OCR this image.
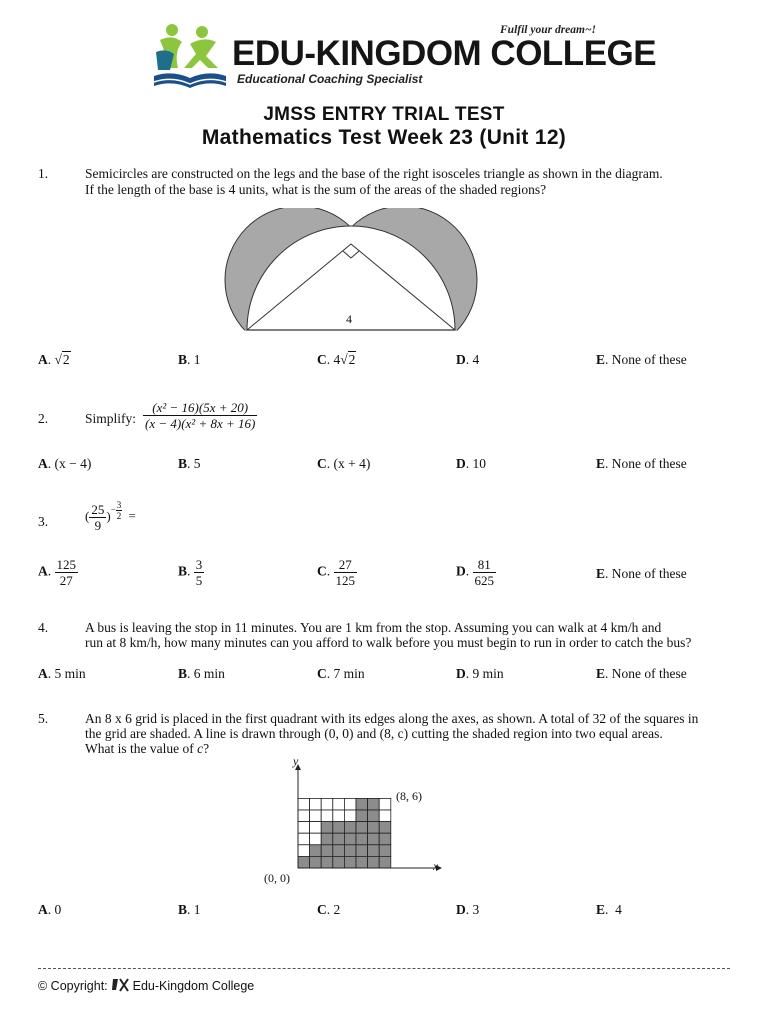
Fulfil your dream~!
EDU-KINGDOM COLLEGE
Educational Coaching Specialist
JMSS ENTRY TRIAL TEST
Mathematics Test Week 23 (Unit 12)
1.	Semicircles are constructed on the legs and the base of the right isosceles triangle as shown in the diagram.
If the length of the base is 4 units, what is the sum of the areas of the shaded regions?
4
A. √2	B. 1	C. 4√2	D. 4	E. None of these
2.	Simplify: $\frac{\text{(x² − 16)(5x + 20)}}{\text{(x − 4)(x² + 8x + 16)}}$
A. (x − 4)	B. 5	C. (x + 4)	D. 10	E. None of these
3.	( $\frac{25}{9}$ )− $\frac{3}{2}$ =
A. $\frac{125}{27}$	B. $\frac{3}{5}$	C. $\frac{27}{125}$	D. $\frac{81}{625}$	E. None of these
4.	A bus is leaving the stop in 11 minutes. You are 1 km from the stop. Assuming you can walk at 4 km/h and
run at 8 km/h, how many minutes can you afford to walk before you must begin to run in order to catch the bus?
A. 5 min	B. 6 min	C. 7 min	D. 9 min	E. None of these
5.	An 8 x 6 grid is placed in the first quadrant with its edges along the axes, as shown. A total of 32 of the squares in
the grid are shaded. A line is drawn through (0, 0) and (8, c) cutting the shaded region into two equal areas.
What is the value of c?
y
x
(0, 0)
(8, 6)
A. 0	B. 1	C. 2	D. 3	E.  4
© Copyright: Edu-Kingdom College
